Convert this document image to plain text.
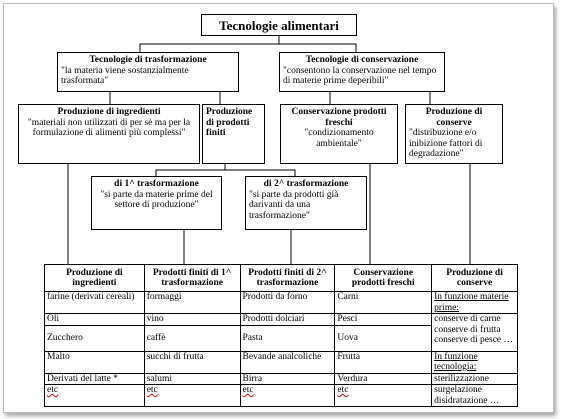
Tecnologie alimentari
Tecnologie di trasformazione
"la materia viene sostanzialmente trasformata"
Tecnologie di conservazione
"consentono la conservazione nel tempo di materie prime deperibili"
Produzione di ingredienti
"materiali non utilizzati di per sè ma per la formulazione di alimenti più complessi"
Produzione di prodotti finiti
Conservazione prodotti freschi
"condizionamento ambientale"
Produzione di conserve
"distribuzione e/o inibizione fattori di degradazione"
di 1^ trasformazione
"si parte da materie prime del settore di produzione"
di 2^ trasformazione
"si parte da prodotti già darivanti da una trasformazione"
Produzione di ingredienti	Prodotti finiti di 1^ trasformazione	Prodotti finiti di 2^ trasformazione	Conservazione prodotti freschi	Produzione di conserve
farine (derivati cereali)	formaggi	Prodotti da forno	Carni	In funzione materie prime:
Oli	vino	Prodotti dolciari	Pesci	conserve di carne conserve di frutta conserve di pesce …
Zucchero	caffè	Pasta	Uova	
Malto	succhi di frutta	Bevande analcoliche	Frutta	In funzione tecnologia:
Derivati del latte *	salumi	Birra	Verdura	sterilizzazione
etc	etc	etc	etc	surgelazione disidratazione …
